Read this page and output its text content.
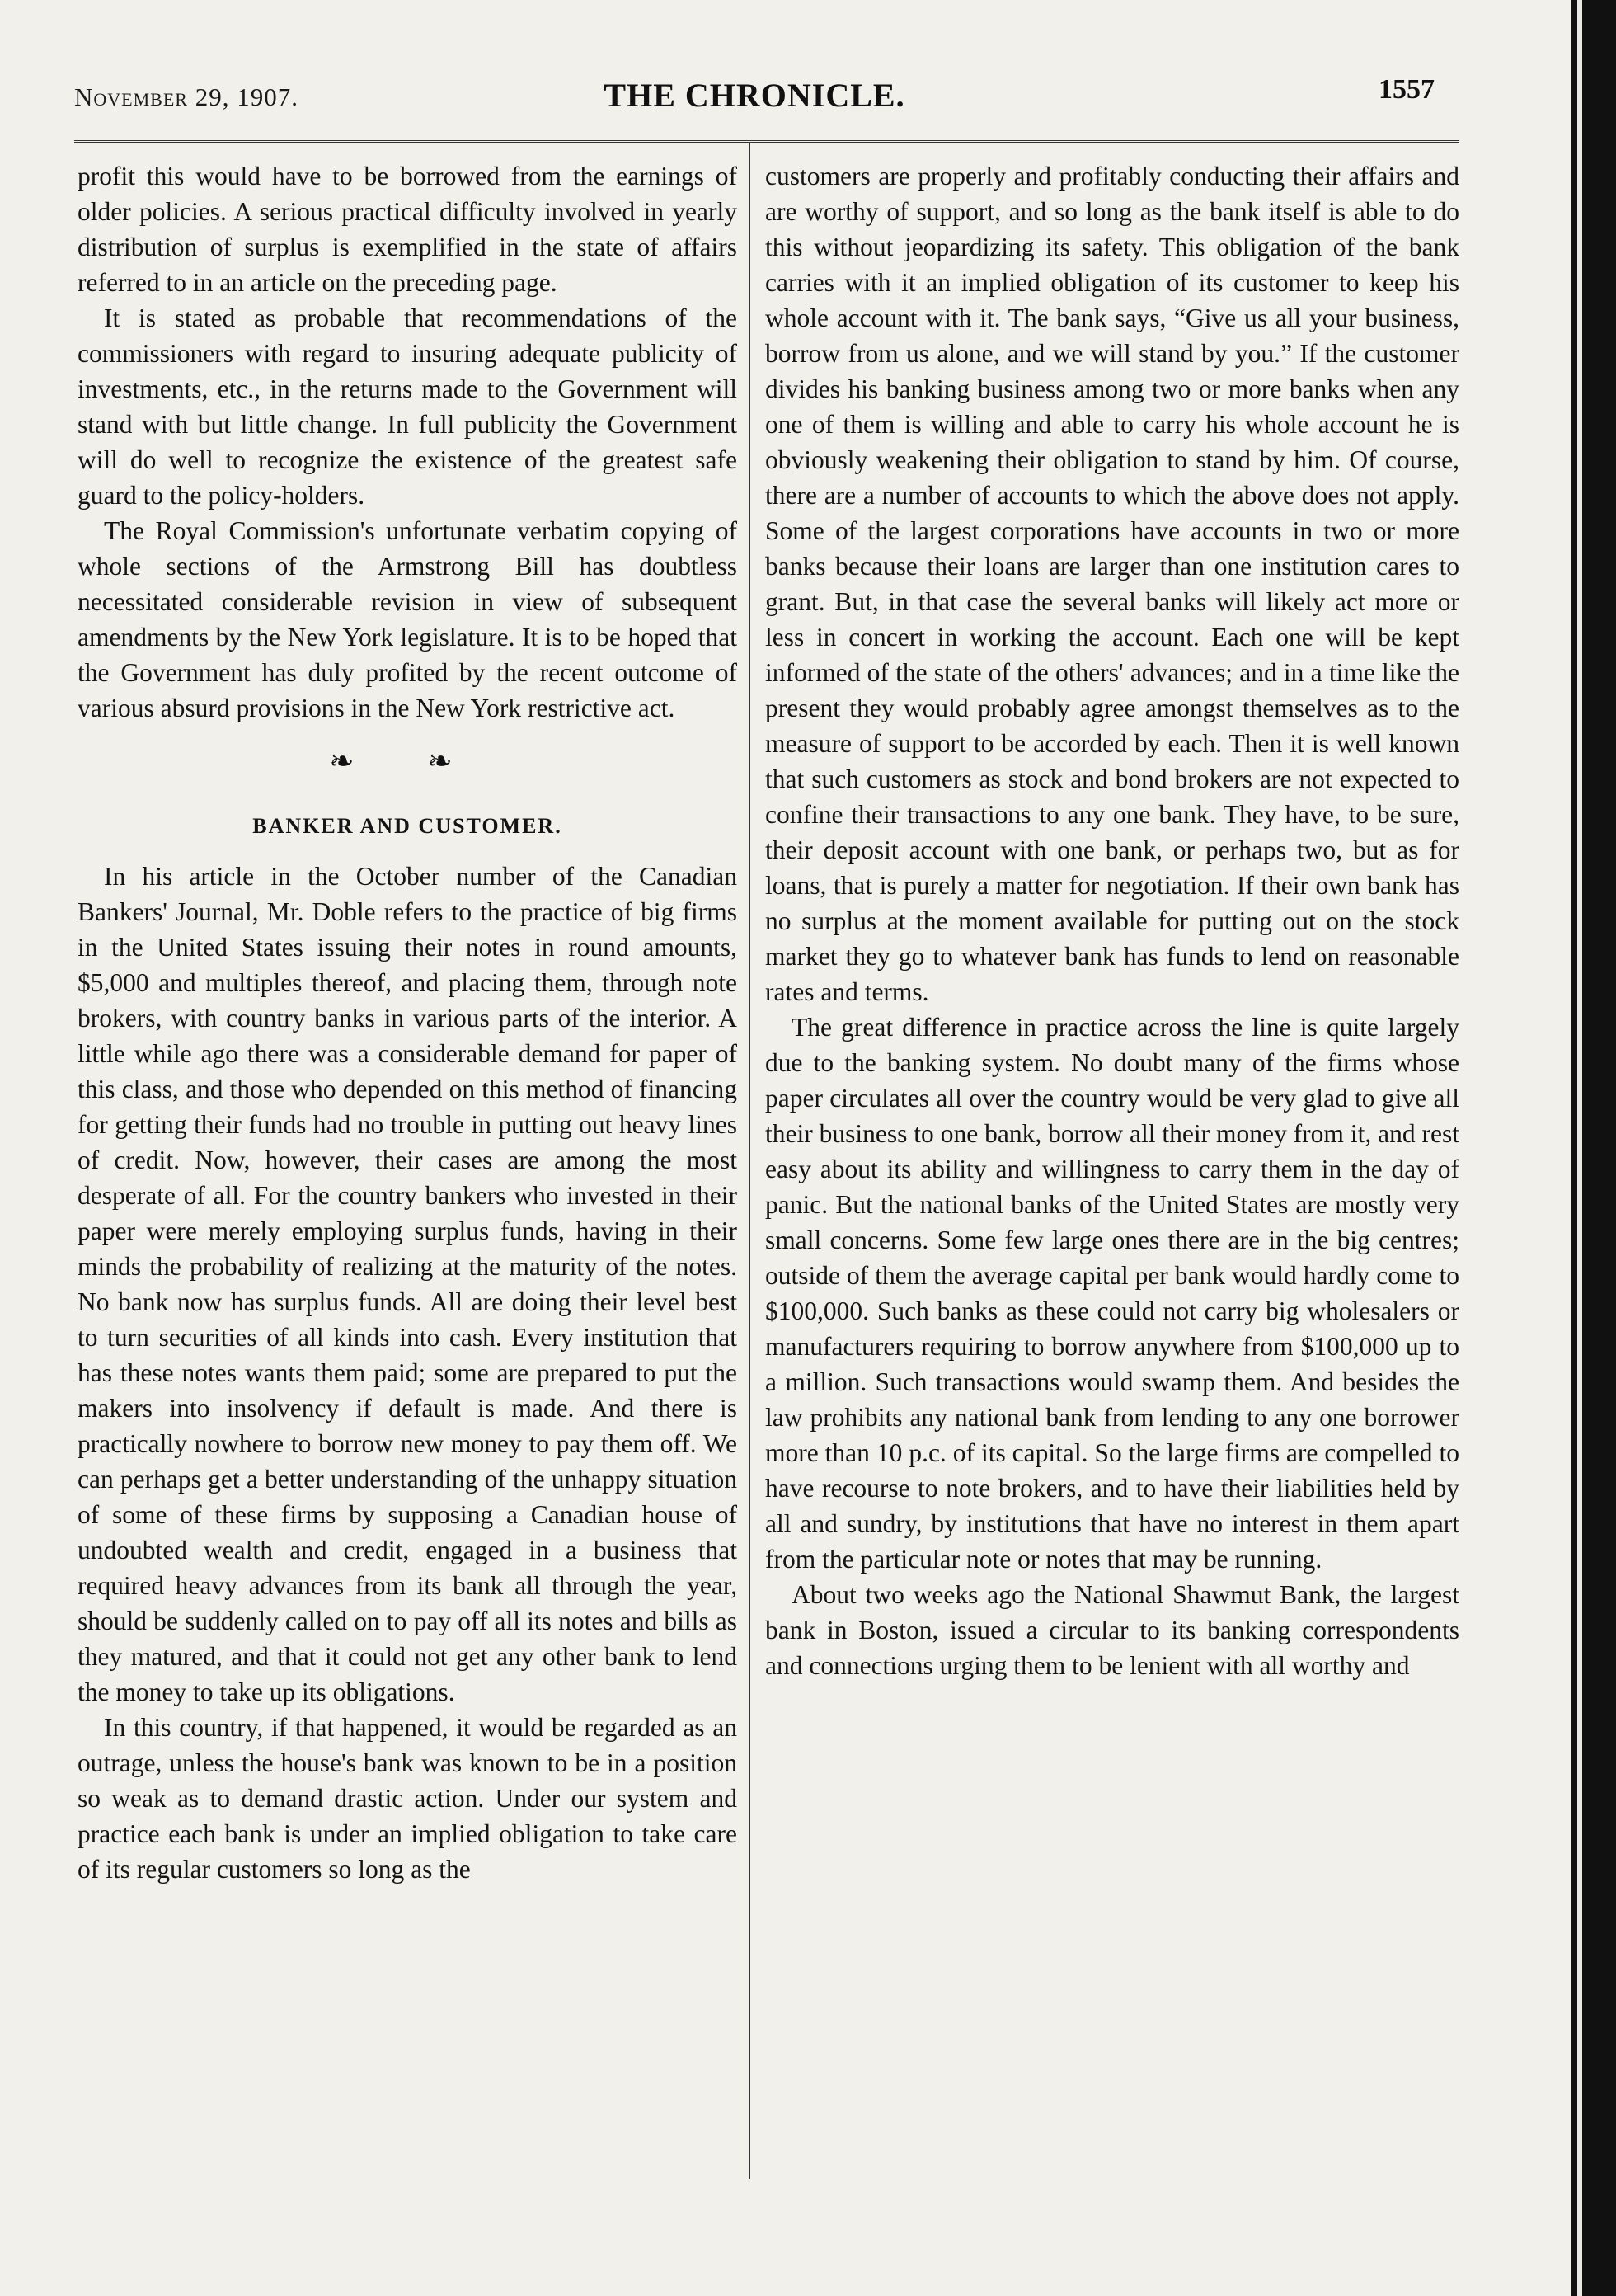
November 29, 1907.	THE CHRONICLE.	1557

profit this would have to be borrowed from the earnings of older policies. A serious practical difficulty involved in yearly distribution of surplus is exemplified in the state of affairs referred to in an article on the preceding page.

It is stated as probable that recommendations of the commissioners with regard to insuring adequate publicity of investments, etc., in the returns made to the Government will stand with but little change. In full publicity the Government will do well to recognize the existence of the greatest safe guard to the policy-holders.

The Royal Commission's unfortunate verbatim copying of whole sections of the Armstrong Bill has doubtless necessitated considerable revision in view of subsequent amendments by the New York legislature. It is to be hoped that the Government has duly profited by the recent outcome of various absurd provisions in the New York restrictive act.

❧ ❧
BANKER AND CUSTOMER.

In his article in the October number of the Canadian Bankers' Journal, Mr. Doble refers to the practice of big firms in the United States issuing their notes in round amounts, $5,000 and multiples thereof, and placing them, through note brokers, with country banks in various parts of the interior. A little while ago there was a considerable demand for paper of this class, and those who depended on this method of financing for getting their funds had no trouble in putting out heavy lines of credit. Now, however, their cases are among the most desperate of all. For the country bankers who invested in their paper were merely employing surplus funds, having in their minds the probability of realizing at the maturity of the notes. No bank now has surplus funds. All are doing their level best to turn securities of all kinds into cash. Every institution that has these notes wants them paid; some are prepared to put the makers into insolvency if default is made. And there is practically nowhere to borrow new money to pay them off. We can perhaps get a better understanding of the unhappy situation of some of these firms by supposing a Canadian house of undoubted wealth and credit, engaged in a business that required heavy advances from its bank all through the year, should be suddenly called on to pay off all its notes and bills as they matured, and that it could not get any other bank to lend the money to take up its obligations.

In this country, if that happened, it would be regarded as an outrage, unless the house's bank was known to be in a position so weak as to demand drastic action. Under our system and practice each bank is under an implied obligation to take care of its regular customers so long as the

customers are properly and profitably conducting their affairs and are worthy of support, and so long as the bank itself is able to do this without jeopardizing its safety. This obligation of the bank carries with it an implied obligation of its customer to keep his whole account with it. The bank says, “Give us all your business, borrow from us alone, and we will stand by you.” If the customer divides his banking business among two or more banks when any one of them is willing and able to carry his whole account he is obviously weakening their obligation to stand by him. Of course, there are a number of accounts to which the above does not apply. Some of the largest corporations have accounts in two or more banks because their loans are larger than one institution cares to grant. But, in that case the several banks will likely act more or less in concert in working the account. Each one will be kept informed of the state of the others' advances; and in a time like the present they would probably agree amongst themselves as to the measure of support to be accorded by each. Then it is well known that such customers as stock and bond brokers are not expected to confine their transactions to any one bank. They have, to be sure, their deposit account with one bank, or perhaps two, but as for loans, that is purely a matter for negotiation. If their own bank has no surplus at the moment available for putting out on the stock market they go to whatever bank has funds to lend on reasonable rates and terms.

The great difference in practice across the line is quite largely due to the banking system. No doubt many of the firms whose paper circulates all over the country would be very glad to give all their business to one bank, borrow all their money from it, and rest easy about its ability and willingness to carry them in the day of panic. But the national banks of the United States are mostly very small concerns. Some few large ones there are in the big centres; outside of them the average capital per bank would hardly come to $100,000. Such banks as these could not carry big wholesalers or manufacturers requiring to borrow anywhere from $100,000 up to a million. Such transactions would swamp them. And besides the law prohibits any national bank from lending to any one borrower more than 10 p.c. of its capital. So the large firms are compelled to have recourse to note brokers, and to have their liabilities held by all and sundry, by institutions that have no interest in them apart from the particular note or notes that may be running.

About two weeks ago the National Shawmut Bank, the largest bank in Boston, issued a circular to its banking correspondents and connections urging them to be lenient with all worthy and
